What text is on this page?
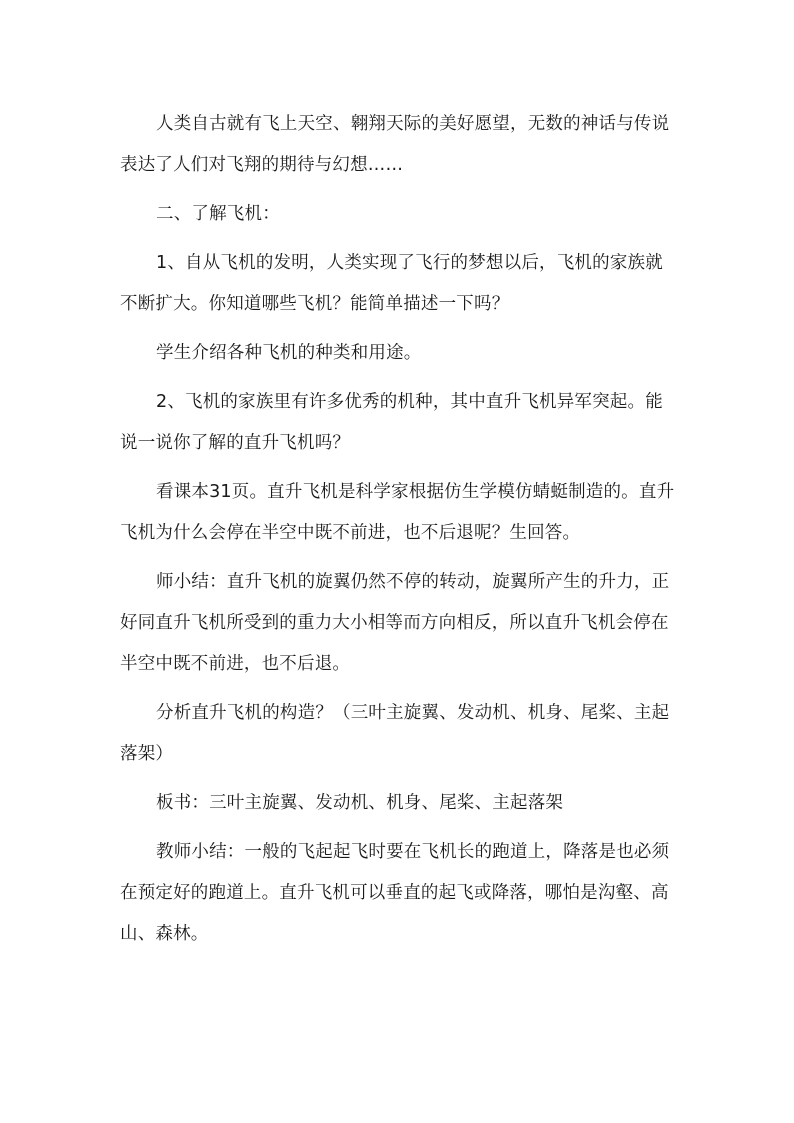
人类自古就有飞上天空、翱翔天际的美好愿望，无数的神话与传说表达了人们对飞翔的期待与幻想……

二、了解飞机：

1、自从飞机的发明，人类实现了飞行的梦想以后，飞机的家族就不断扩大。你知道哪些飞机？能简单描述一下吗？

学生介绍各种飞机的种类和用途。

2、飞机的家族里有许多优秀的机种，其中直升飞机异军突起。能说一说你了解的直升飞机吗？

看课本31页。直升飞机是科学家根据仿生学模仿蜻蜓制造的。直升飞机为什么会停在半空中既不前进，也不后退呢？生回答。

师小结：直升飞机的旋翼仍然不停的转动，旋翼所产生的升力，正好同直升飞机所受到的重力大小相等而方向相反，所以直升飞机会停在半空中既不前进，也不后退。

分析直升飞机的构造？（三叶主旋翼、发动机、机身、尾桨、主起落架）

板书：三叶主旋翼、发动机、机身、尾桨、主起落架

教师小结：一般的飞起起飞时要在飞机长的跑道上，降落是也必须在预定好的跑道上。直升飞机可以垂直的起飞或降落，哪怕是沟壑、高山、森林。
